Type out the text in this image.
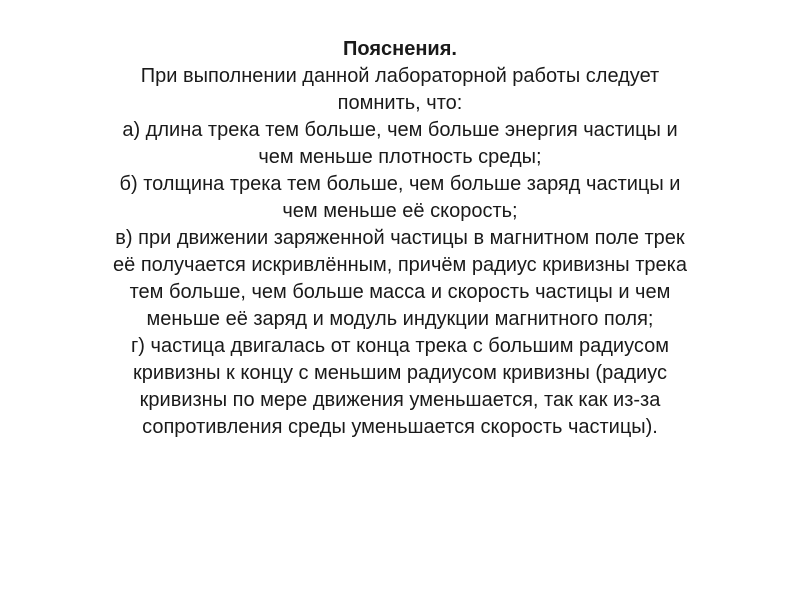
Пояснения.

При выполнении данной лабораторной работы следует

помнить, что:

а) длина трека тем больше, чем больше энергия частицы и

чем меньше плотность среды;

б) толщина трека тем больше, чем больше заряд частицы и

чем меньше её скорость;

в) при движении заряженной частицы в магнитном поле трек

её получается искривлённым, причём радиус кривизны трека

тем больше, чем больше масса и скорость частицы и чем

меньше её заряд и модуль индукции магнитного поля;

г) частица двигалась от конца трека с большим радиусом

кривизны к концу с меньшим радиусом кривизны (радиус

кривизны по мере движения уменьшается, так как из-за

сопротивления среды уменьшается скорость частицы).
